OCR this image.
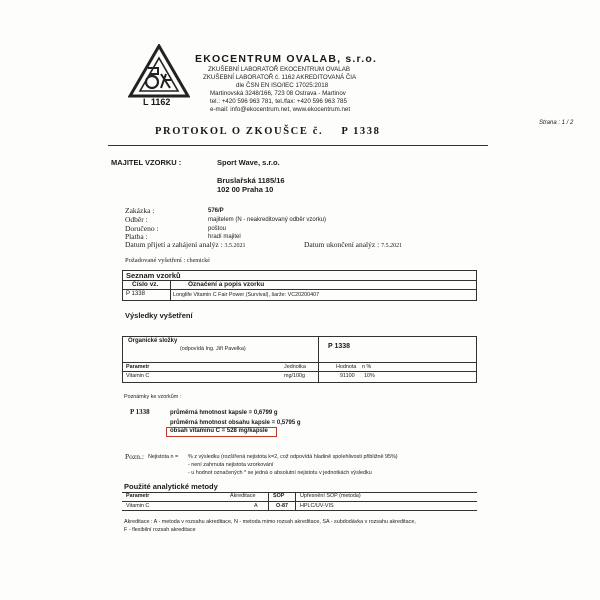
L 1162
EKOCENTRUM OVALAB, s.r.o.
ZKUŠEBNÍ LABORATOŘ EKOCENTRUM OVALAB
ZKUŠEBNÍ LABORATOŘ č. 1162 AKREDITOVANÁ ČIA
dle ČSN EN ISO/IEC 17025:2018
Martinovská 3248/166, 723 08 Ostrava - Martinov
tel.: +420 596 963 781, tel./fax: +420 596 963 785
e-mail: info@ekocentrum.net, www.ekocentrum.net
Strana : 1 / 2
PROTOKOL O ZKOUŠCE č. P 1338
MAJITEL VZORKU :	Sport Wave, s.r.o.
Bruslařská 1185/16
102 00 Praha 10
Zakázka :	576/P
Odběr :	majitelem (N - neakreditovaný odběr vzorku)
Doručeno :	poštou
Platba :	hradí majitel
Datum přijetí a zahájení analýz : 3.5.2021	Datum ukončení analýz : 7.5.2021
Požadované vyšetření : chemické
Seznam vzorků
Číslo vz.	Označení a popis vzorku
P 1338	Longlife Vitamin C Fair Power (Survival), šarže: VC20200407
Výsledky vyšetření
Organické složky
(odpovídá Ing. Jiří Pavelka)	P 1338
Parametr	Jednotka	Hodnota n %
Vitamin C	mg/100g	91100 10%
Poznámky ke vzorkům :
P 1338	průměrná hmotnost kapsle = 0,6799 g
průměrná hmotnost obsahu kapsle = 0,5795 g
obsah vitaminu C = 528 mg/kapsle
Pozn.: Nejistota n = % z výsledku (rozšířená nejistota k=2, což odpovídá hladině spolehlivosti přibližně 95%)
- není zahrnuta nejistota vzorkování
- u hodnot označených * se jedná o absolutní nejistotu v jednotkách výsledku
Použité analytické metody
Parametr	Akreditace	SOP	Upřesnění SOP (metoda)
Vitamin C	A	O-87 HPLC/UV-VIS
Akreditace : A - metoda v rozsahu akreditace, N - metoda mimo rozsah akreditace, SA - subdodávka v rozsahu akreditace,
F - flexibilní rozsah akreditace
